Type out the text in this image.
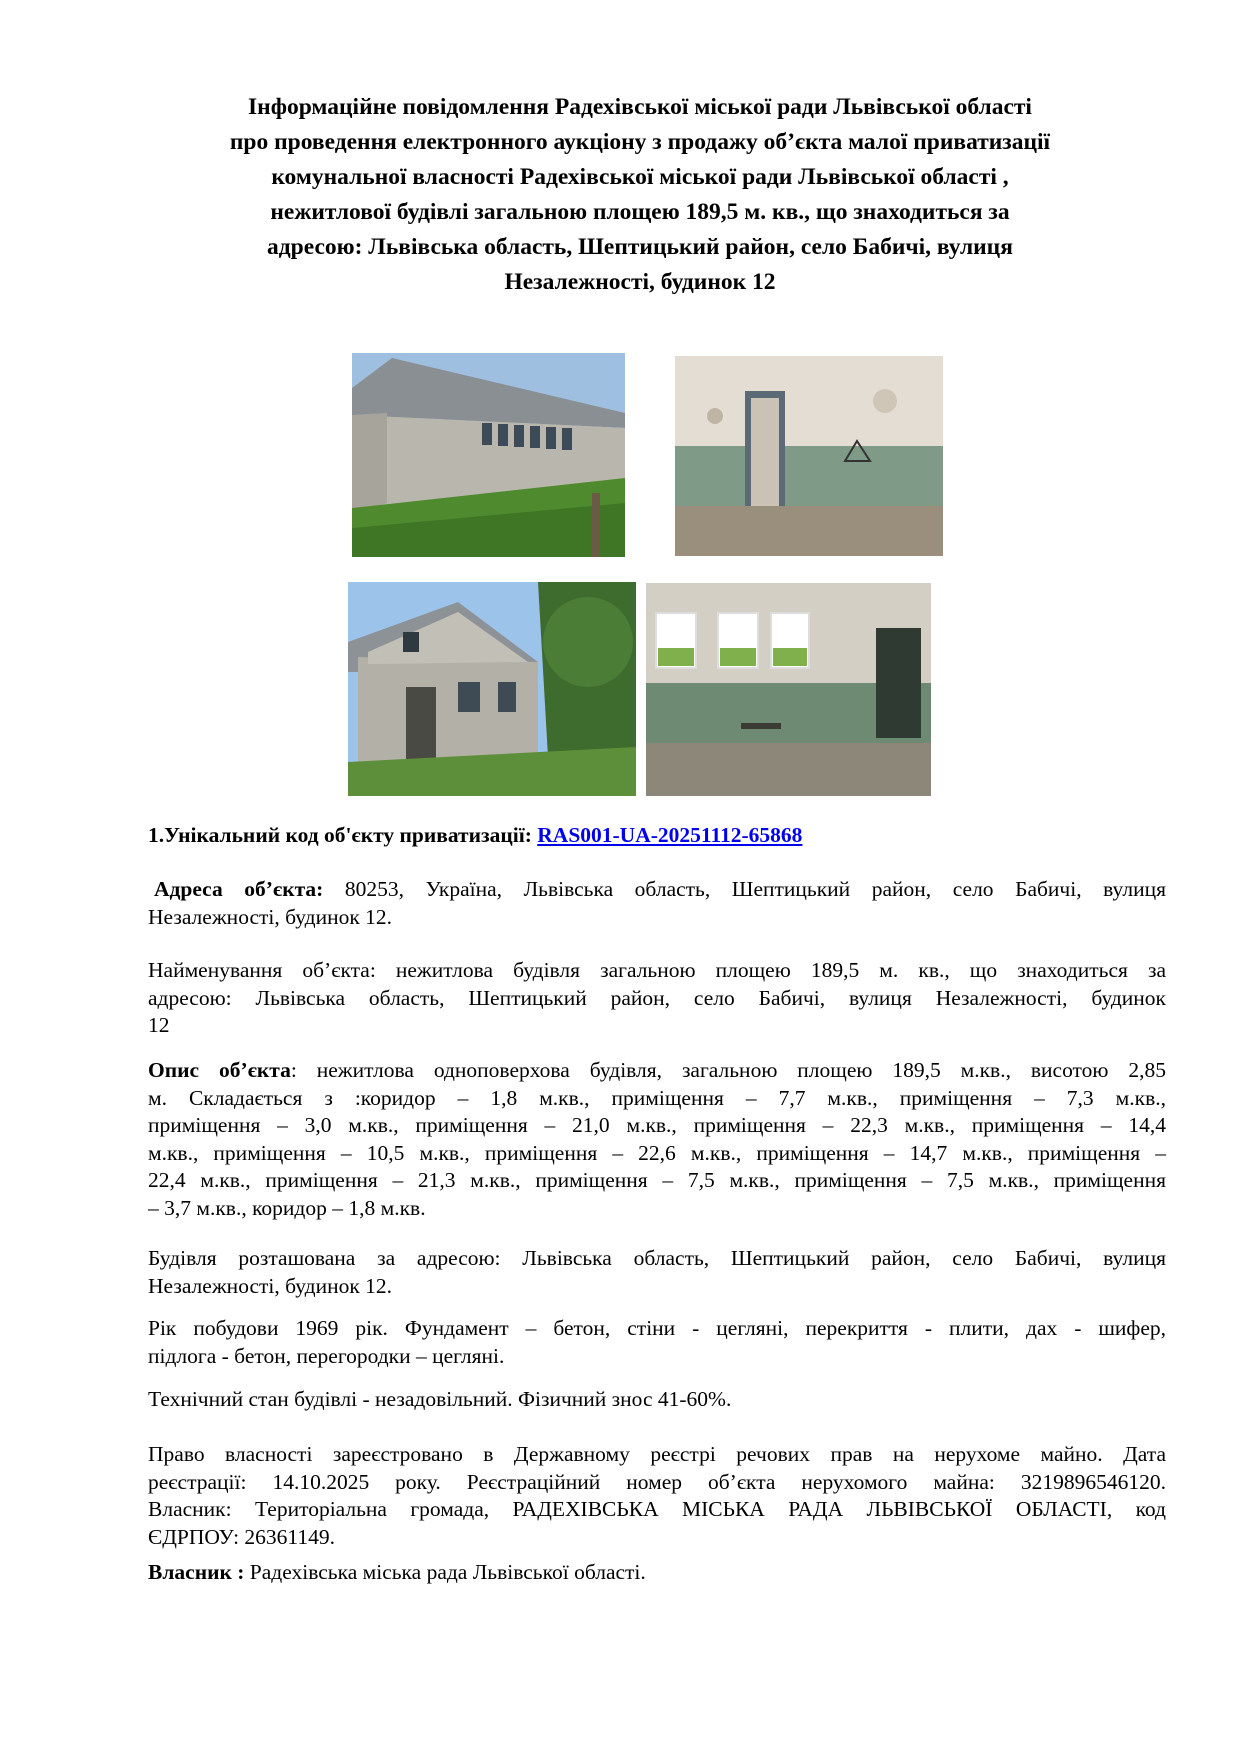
Інформаційне повідомлення Радехівської міської ради Львівської області
про проведення електронного аукціону з продажу об’єкта малої приватизації
комунальної власності Радехівської міської ради Львівської області ,
нежитлової будівлі загальною площею 189,5 м. кв., що знаходиться за
адресою: Львівська область, Шептицький район, село Бабичі, вулиця
Незалежності, будинок 12
1.Унікальний код об'єкту приватизації: RAS001-UA-20251112-65868
Адреса об’єкта: 80253, Україна, Львівська область, Шептицький район, село Бабичі, вулиця
Незалежності, будинок 12.
Найменування об’єкта: нежитлова будівля загальною площею 189,5 м. кв., що знаходиться за
адресою: Львівська область, Шептицький район, село Бабичі, вулиця Незалежності, будинок
12
Опис об’єкта: нежитлова одноповерхова будівля, загальною площею 189,5 м.кв., висотою 2,85
м. Складається з :коридор – 1,8 м.кв., приміщення – 7,7 м.кв., приміщення – 7,3 м.кв.,
приміщення – 3,0 м.кв., приміщення – 21,0 м.кв., приміщення – 22,3 м.кв., приміщення – 14,4
м.кв., приміщення – 10,5 м.кв., приміщення – 22,6 м.кв., приміщення – 14,7 м.кв., приміщення –
22,4 м.кв., приміщення – 21,3 м.кв., приміщення – 7,5 м.кв., приміщення – 7,5 м.кв., приміщення
– 3,7 м.кв., коридор – 1,8 м.кв.
Будівля розташована за адресою: Львівська область, Шептицький район, село Бабичі, вулиця
Незалежності, будинок 12.
Рік побудови 1969 рік. Фундамент – бетон, стіни - цегляні, перекриття - плити, дах - шифер,
підлога - бетон, перегородки – цегляні.
Технічний стан будівлі - незадовільний. Фізичний знос 41-60%.
Право власності зареєстровано в Державному реєстрі речових прав на нерухоме майно. Дата
реєстрації: 14.10.2025 року. Реєстраційний номер об’єкта нерухомого майна: 3219896546120.
Власник: Територіальна громада, РАДЕХІВСЬКА МІСЬКА РАДА ЛЬВІВСЬКОЇ ОБЛАСТІ, код
ЄДРПОУ: 26361149.
Власник : Радехівська міська рада Львівської області.
